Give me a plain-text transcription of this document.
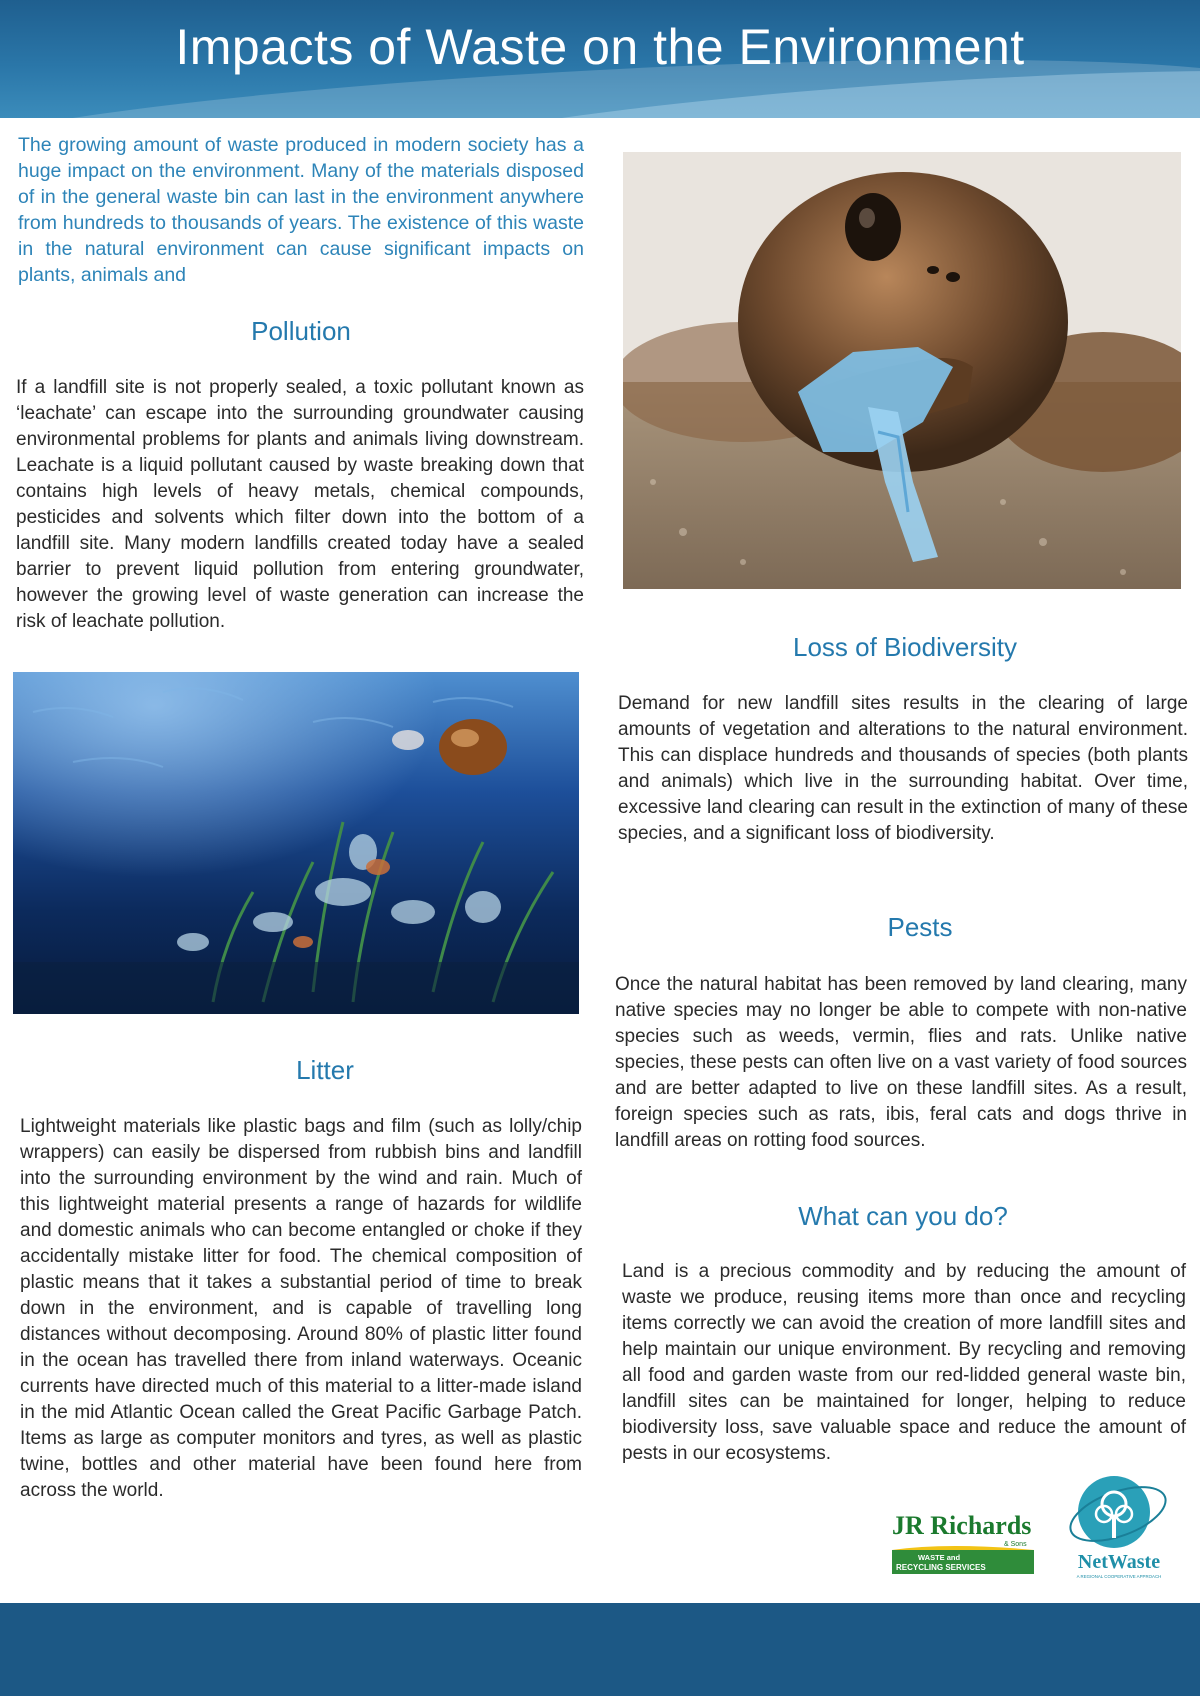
Impacts of Waste on the Environment

The growing amount of waste produced in modern society has a huge impact on the environment. Many of the materials disposed of in the general waste bin can last in the environment anywhere from hundreds to thousands of years. The existence of this waste in the natural environment can cause significant impacts on plants, animals and

Pollution

If a landfill site is not properly sealed, a toxic pollutant known as ‘leachate’ can escape into the surrounding groundwater causing environmental problems for plants and animals living downstream. Leachate is a liquid pollutant caused by waste breaking down that contains high levels of heavy metals, chemical compounds, pesticides and solvents which filter down into the bottom of a landfill site. Many modern landfills created today have a sealed barrier to prevent liquid pollution from entering groundwater, however the growing level of waste generation can increase the risk of leachate pollution.

Litter

Lightweight materials like plastic bags and film (such as lolly/chip wrappers) can easily be dispersed from rubbish bins and landfill into the surrounding environment by the wind and rain. Much of this lightweight material presents a range of hazards for wildlife and domestic animals who can become entangled or choke if they accidentally mistake litter for food. The chemical composition of plastic means that it takes a substantial period of time to break down in the environment, and is capable of travelling long distances without decomposing. Around 80% of plastic litter found in the ocean has travelled there from inland waterways. Oceanic currents have directed much of this material to a litter-made island in the mid Atlantic Ocean called the Great Pacific Garbage Patch. Items as large as computer monitors and tyres, as well as plastic twine, bottles and other material have been found here from across the world.

Loss of Biodiversity

Demand for new landfill sites results in the clearing of large amounts of vegetation and alterations to the natural environment. This can displace hundreds and thousands of species (both plants and animals) which live in the surrounding habitat. Over time, excessive land clearing can result in the extinction of many of these species, and a significant loss of biodiversity.

Pests

Once the natural habitat has been removed by land clearing, many native species may no longer be able to compete with non-native species such as weeds, vermin, flies and rats. Unlike native species, these pests can often live on a vast variety of food sources and are better adapted to live on these landfill sites. As a result, foreign species such as rats, ibis, feral cats and dogs thrive in landfill areas on rotting food sources.

What can you do?

Land is a precious commodity and by reducing the amount of waste we produce, reusing items more than once and recycling items correctly we can avoid the creation of more landfill sites and help maintain our unique environment. By recycling and removing all food and garden waste from our red-lidded general waste bin, landfill sites can be maintained for longer, helping to reduce biodiversity loss, save valuable space and reduce the amount of pests in our ecosystems.

JR Richards
& Sons
WASTE and
RECYCLING SERVICES	NetWaste
A REGIONAL COOPERATIVE APPROACH
